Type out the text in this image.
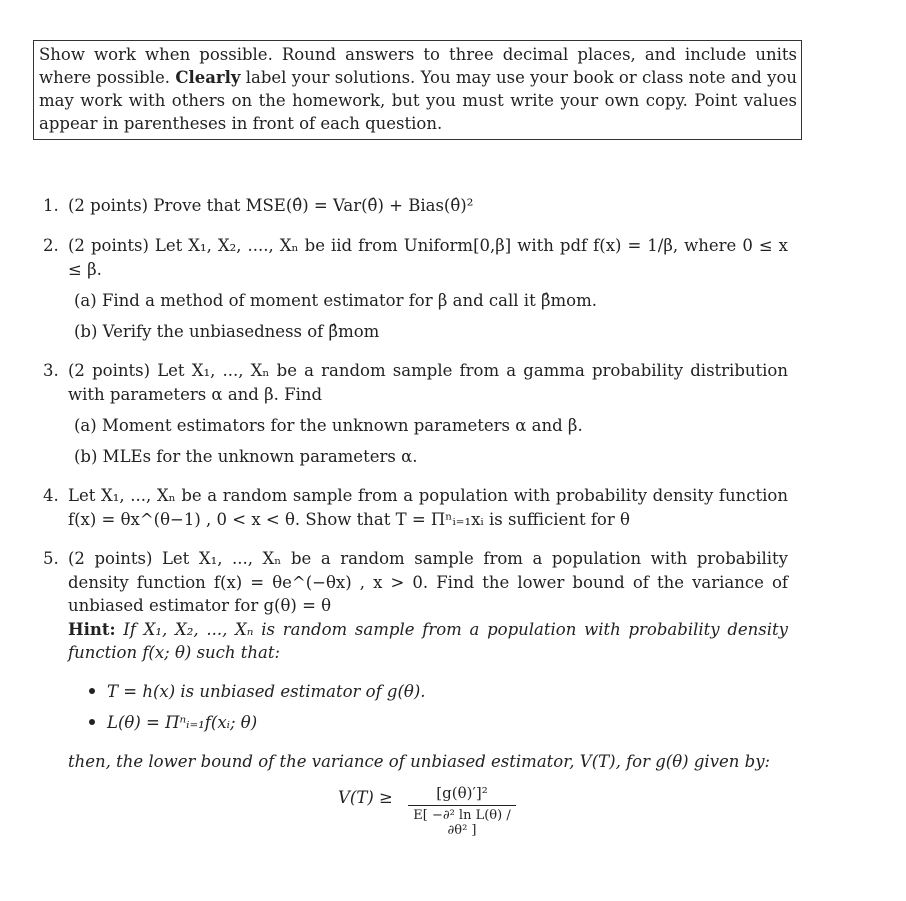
Show work when possible. Round answers to three decimal places, and include units where possible. Clearly label your solutions. You may use your book or class note and you may work with others on the homework, but you must write your own copy. Point values appear in parentheses in front of each question.
1. (2 points) Prove that MSE(θ̂) = Var(θ̂) + Bias(θ̂)²
2. (2 points) Let X₁, X₂, ...., Xₙ be iid from Uniform[0,β] with pdf f(x) = 1/β, where 0 ≤ x ≤ β.
(a) Find a method of moment estimator for β and call it β̂mom.
(b) Verify the unbiasedness of β̂mom
3. (2 points) Let X₁, ..., Xₙ be a random sample from a gamma probability distribution with parameters α and β. Find
(a) Moment estimators for the unknown parameters α and β.
(b) MLEs for the unknown parameters α.
4. Let X₁, ..., Xₙ be a random sample from a population with probability density function f(x) = θx^(θ−1) , 0 < x < θ. Show that T = Πⁿᵢ₌₁xᵢ is sufficient for θ
5. (2 points) Let X₁, ..., Xₙ be a random sample from a population with probability density function f(x) = θe^(−θx) , x > 0. Find the lower bound of the variance of unbiased estimator for g(θ) = θ
Hint: If X₁, X₂, ..., Xₙ is random sample from a population with probability density function f(x; θ) such that:
T = h(x) is unbiased estimator of g(θ).
L(θ) = Πⁿᵢ₌₁f(xᵢ; θ)
then, the lower bound of the variance of unbiased estimator, V(T), for g(θ) given by:
$V(T) \ge \frac{\text{[g(θ)′]²}}{\text{E[ −∂² ln L(θ) / ∂θ² ]}}$
